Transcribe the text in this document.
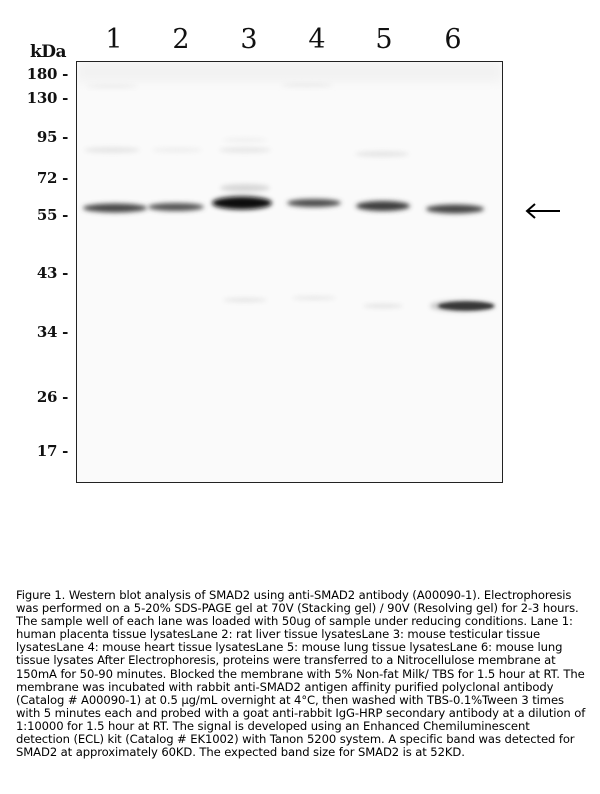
kDa	1	2	3	4	5	6
180 -
130 -
95 -
72 -
55 -
43 -
34 -
26 -
17 -
Figure 1. Western blot analysis of SMAD2 using anti-SMAD2 antibody (A00090-1). Electrophoresis was performed on a 5-20% SDS-PAGE gel at 70V (Stacking gel) / 90V (Resolving gel) for 2-3 hours. The sample well of each lane was loaded with 50ug of sample under reducing conditions. Lane 1: human placenta tissue lysatesLane 2: rat liver tissue lysatesLane 3: mouse testicular tissue lysatesLane 4: mouse heart tissue lysatesLane 5: mouse lung tissue lysatesLane 6: mouse lung tissue lysates After Electrophoresis, proteins were transferred to a Nitrocellulose membrane at 150mA for 50-90 minutes. Blocked the membrane with 5% Non-fat Milk/ TBS for 1.5 hour at RT. The membrane was incubated with rabbit anti-SMAD2 antigen affinity purified polyclonal antibody (Catalog # A00090-1) at 0.5 μg/mL overnight at 4°C, then washed with TBS-0.1%Tween 3 times with 5 minutes each and probed with a goat anti-rabbit IgG-HRP secondary antibody at a dilution of 1:10000 for 1.5 hour at RT. The signal is developed using an Enhanced Chemiluminescent detection (ECL) kit (Catalog # EK1002) with Tanon 5200 system. A specific band was detected for SMAD2 at approximately 60KD. The expected band size for SMAD2 is at 52KD.
